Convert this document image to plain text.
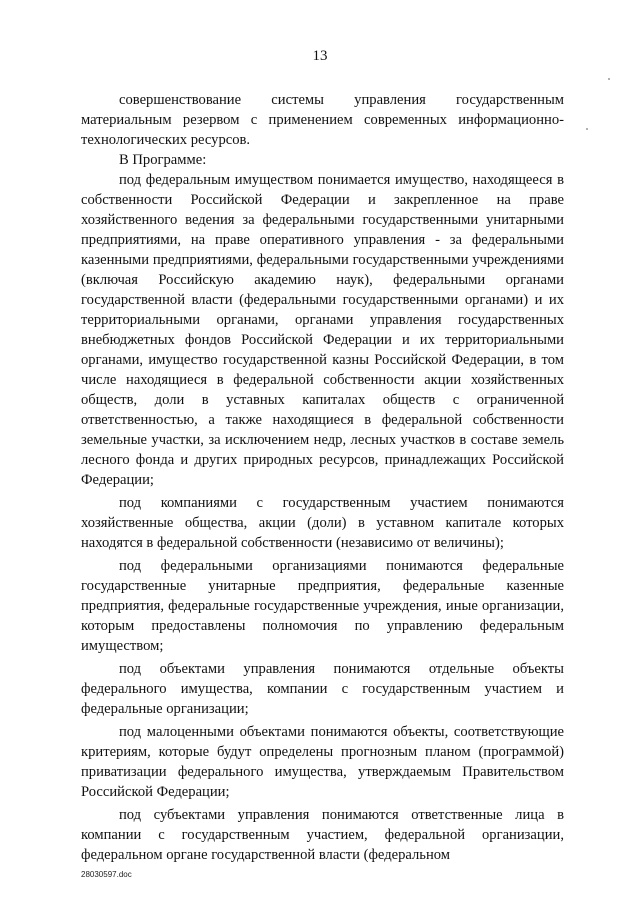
13

совершенствование системы управления государственным материальным резервом с применением современных информационно-технологических ресурсов.

В Программе:

под федеральным имуществом понимается имущество, находящееся в собственности Российской Федерации и закрепленное на праве хозяйственного ведения за федеральными государственными унитарными предприятиями, на праве оперативного управления - за федеральными казенными предприятиями, федеральными государственными учреждениями (включая Российскую академию наук), федеральными органами государственной власти (федеральными государственными органами) и их территориальными органами, органами управления государственных внебюджетных фондов Российской Федерации и их территориальными органами, имущество государственной казны Российской Федерации, в том числе находящиеся в федеральной собственности акции хозяйственных обществ, доли в уставных капиталах обществ с ограниченной ответственностью, а также находящиеся в федеральной собственности земельные участки, за исключением недр, лесных участков в составе земель лесного фонда и других природных ресурсов, принадлежащих Российской Федерации;

под компаниями с государственным участием понимаются хозяйственные общества, акции (доли) в уставном капитале которых находятся в федеральной собственности (независимо от величины);

под федеральными организациями понимаются федеральные государственные унитарные предприятия, федеральные казенные предприятия, федеральные государственные учреждения, иные организации, которым предоставлены полномочия по управлению федеральным имуществом;

под объектами управления понимаются отдельные объекты федерального имущества, компании с государственным участием и федеральные организации;

под малоценными объектами понимаются объекты, соответствующие критериям, которые будут определены прогнозным планом (программой) приватизации федерального имущества, утверждаемым Правительством Российской Федерации;

под субъектами управления понимаются ответственные лица в компании с государственным участием, федеральной организации, федеральном органе государственной власти (федеральном

28030597.doc
